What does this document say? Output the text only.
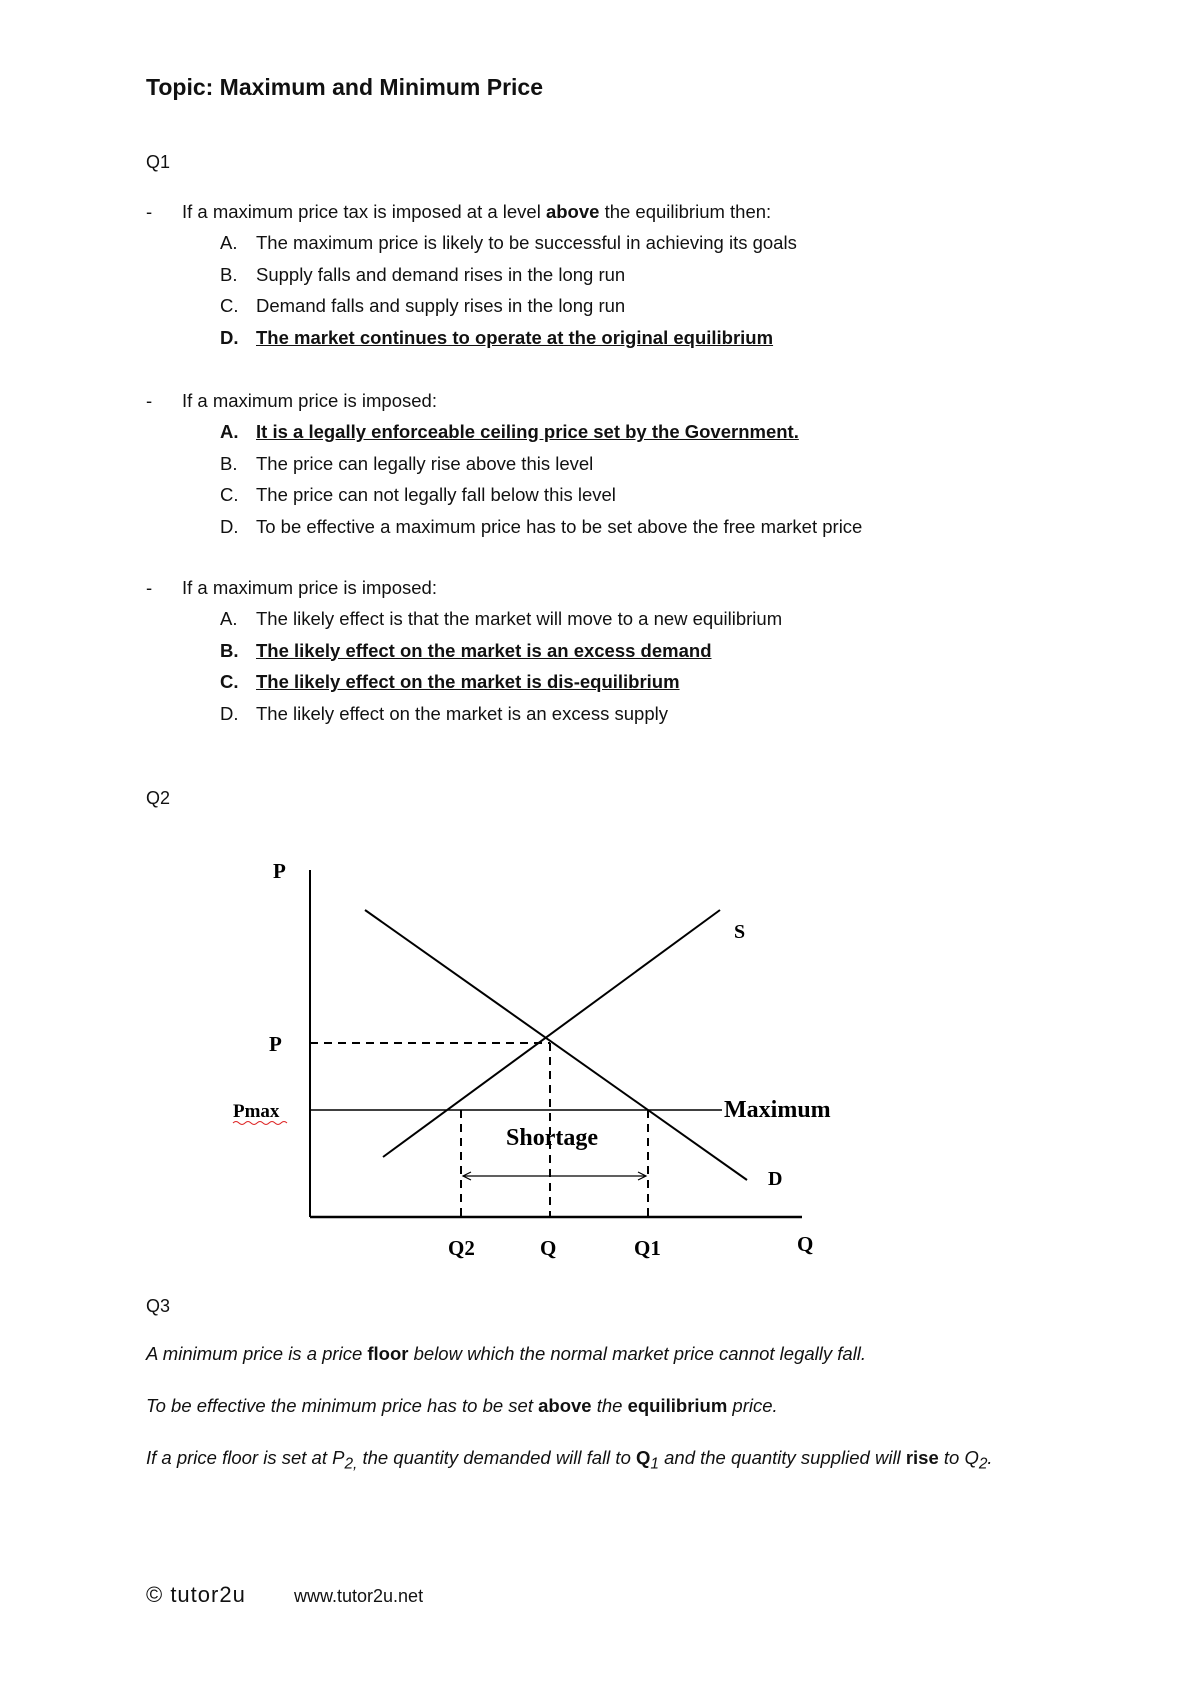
Topic: Maximum and Minimum Price
Q1
- If a maximum price tax is imposed at a level above the equilibrium then:
A. The maximum price is likely to be successful in achieving its goals
B. Supply falls and demand rises in the long run
C. Demand falls and supply rises in the long run
D. The market continues to operate at the original equilibrium
- If a maximum price is imposed:
A. It is a legally enforceable ceiling price set by the Government.
B. The price can legally rise above this level
C. The price can not legally fall below this level
D. To be effective a maximum price has to be set above the free market price
- If a maximum price is imposed:
A. The likely effect is that the market will move to a new equilibrium
B. The likely effect on the market is an excess demand
C. The likely effect on the market is dis-equilibrium
D. The likely effect on the market is an excess supply
Q2
P
S
P
Pmax	Maximum
Shortage
D
Q2	Q	Q1	Q
Q3
A minimum price is a price floor below which the normal market price cannot legally fall.
To be effective the minimum price has to be set above the equilibrium price.
If a price floor is set at $P_{2,}$ the quantity demanded will fall to $Q_1$ and the quantity supplied will rise to $Q_2$.
© tutor2u	www.tutor2u.net
